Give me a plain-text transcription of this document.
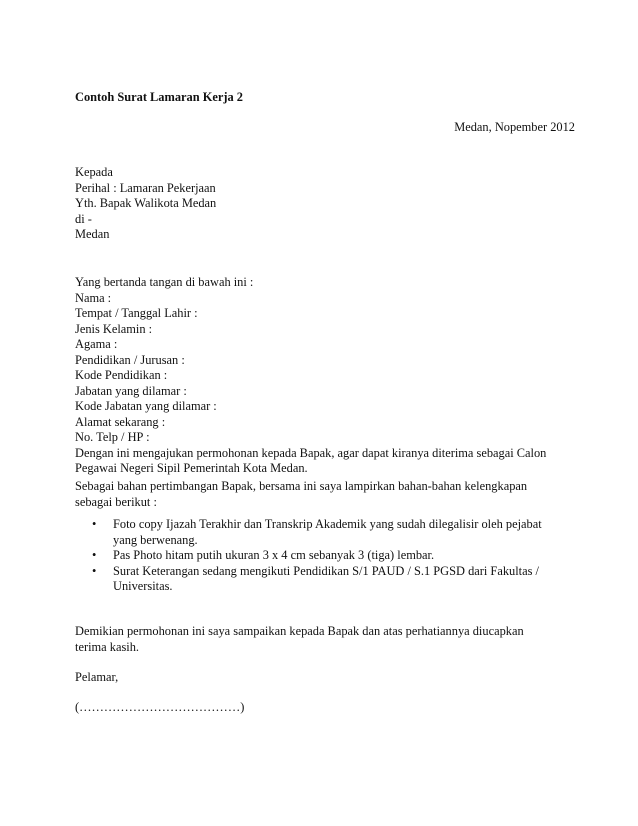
Contoh Surat Lamaran Kerja 2
Medan, Nopember 2012
Kepada
Perihal : Lamaran Pekerjaan
Yth. Bapak Walikota Medan
di -
Medan
Yang bertanda tangan di bawah ini :
Nama :
Tempat / Tanggal Lahir :
Jenis Kelamin :
Agama :
Pendidikan / Jurusan :
Kode Pendidikan :
Jabatan yang dilamar :
Kode Jabatan yang dilamar :
Alamat sekarang :
No. Telp / HP :
Dengan ini mengajukan permohonan kepada Bapak, agar dapat kiranya diterima sebagai Calon
Pegawai Negeri Sipil Pemerintah Kota Medan.
Sebagai bahan pertimbangan Bapak, bersama ini saya lampirkan bahan-bahan kelengkapan
sebagai berikut :
• Foto copy Ijazah Terakhir dan Transkrip Akademik yang sudah dilegalisir oleh pejabat
yang berwenang.
• Pas Photo hitam putih ukuran 3 x 4 cm sebanyak 3 (tiga) lembar.
• Surat Keterangan sedang mengikuti Pendidikan S/1 PAUD / S.1 PGSD dari Fakultas /
Universitas.
Demikian permohonan ini saya sampaikan kepada Bapak dan atas perhatiannya diucapkan
terima kasih.
Pelamar,
(…………………………………)
